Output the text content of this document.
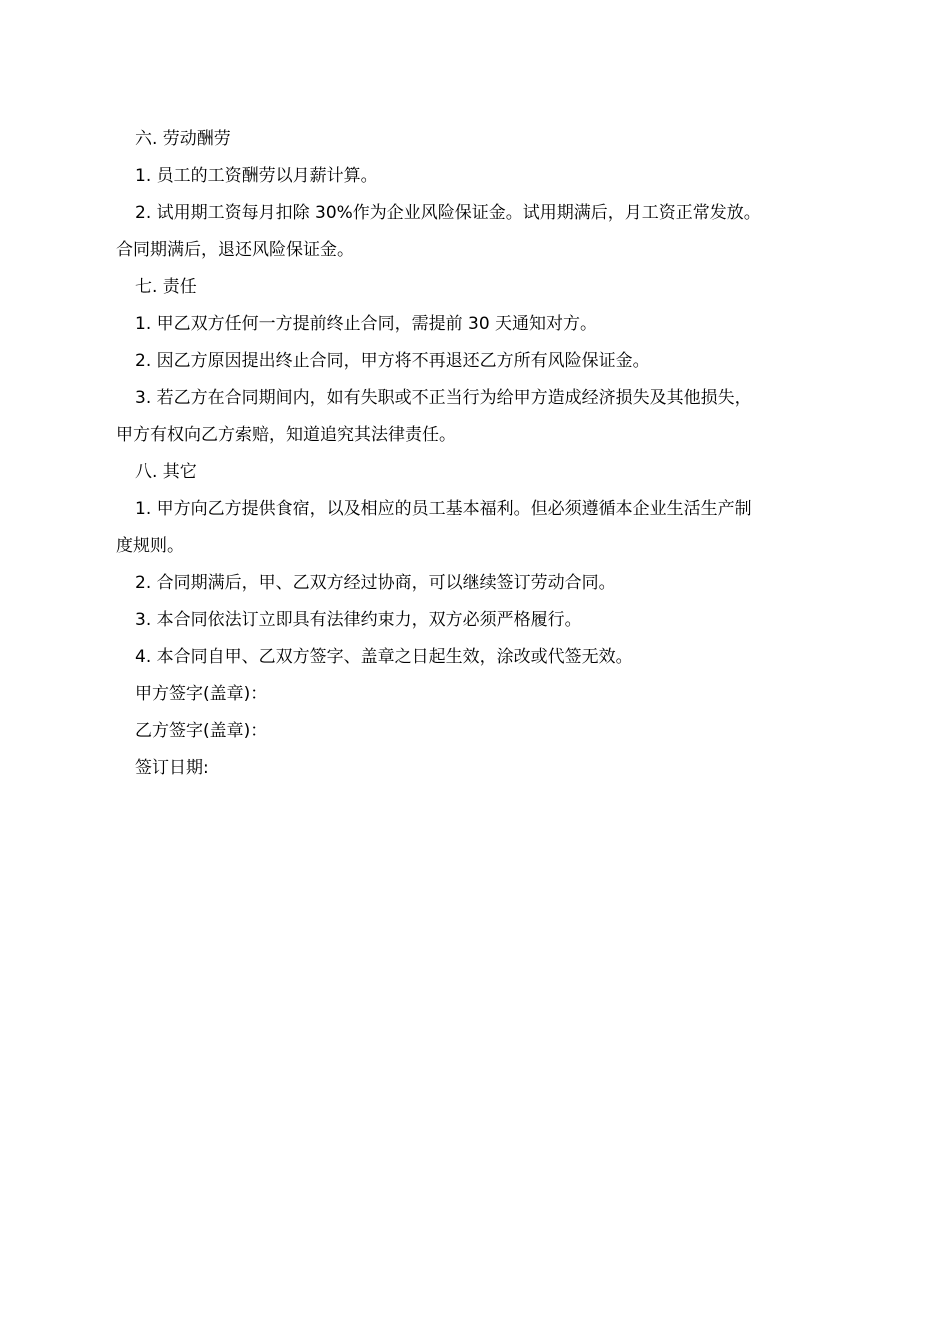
六. 劳动酬劳
1. 员工的工资酬劳以月薪计算。
2. 试用期工资每月扣除 30%作为企业风险保证金。试用期满后，月工资正常发放。
合同期满后，退还风险保证金。
七. 责任
1. 甲乙双方任何一方提前终止合同，需提前 30 天通知对方。
2. 因乙方原因提出终止合同，甲方将不再退还乙方所有风险保证金。
3. 若乙方在合同期间内，如有失职或不正当行为给甲方造成经济损失及其他损失，
甲方有权向乙方索赔，知道追究其法律责任。
八. 其它
1. 甲方向乙方提供食宿，以及相应的员工基本福利。但必须遵循本企业生活生产制
度规则。
2. 合同期满后，甲、乙双方经过协商，可以继续签订劳动合同。
3. 本合同依法订立即具有法律约束力，双方必须严格履行。
4. 本合同自甲、乙双方签字、盖章之日起生效，涂改或代签无效。
甲方签字(盖章)：
乙方签字(盖章)：
签订日期:
